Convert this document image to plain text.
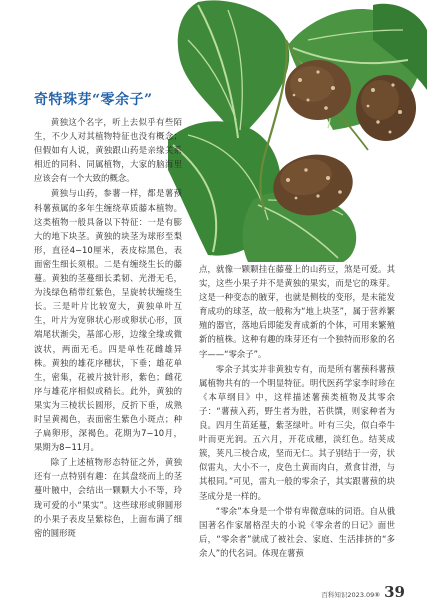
奇特珠芽“零余子”

黄独这个名字，听上去似乎有些陌生，不少人对其植物特征也没有概念；但假如有人说，黄独跟山药是亲缘关系相近的同科、同属植物，大家的脑海里应该会有一个大致的概念。

黄独与山药，参薯一样，都是薯蓣科薯蓣属的多年生缠绕草质藤本植物。这类植物一般具备以下特征：一是有膨大的地下块茎。黄独的块茎为球形至梨形，直径4−10厘米，表皮棕黑色，表面密生细长须根。二是有缠绕生长的藤蔓。黄独的茎蔓细长柔韧、光滑无毛，为浅绿色稍带红紫色，呈旋转状缠绕生长。三是叶片比较宽大，黄独单叶互生，叶片为宽卵状心形或卵状心形，顶端尾状渐尖，基部心形，边缘全缘或微波状，两面无毛。四是单性花雌雄异株。黄独的雄花序穗状，下垂；雄花单生，密集，花被片披针形，紫色；雌花序与雄花序相似或稍长。此外，黄独的果实为三棱状长圆形，反折下垂，成熟时呈黄褐色，表面密生紫色小斑点；种子扁卵形，深褐色。花期为7−10月，果期为8−11月。

除了上述植物形态特征之外，黄独还有一点特别有趣：在其盘绕而上的茎蔓叶腋中，会结出一颗颗大小不等，玲珑可爱的小“果实”。这些球形或卵圆形的小果子表皮呈紫棕色，上面布满了细密的圆形斑

点，就像一颗颗挂在藤蔓上的山药豆，煞是可爱。其实，这些小果子并不是黄独的果实，而是它的珠芽。这是一种变态的腋芽，也就是侧枝的变形，是未能发育成功的球茎，故一般称为“地上块茎”，属于营养繁殖的器官，落地后即能发育成新的个体，可用来繁殖新的植株。这种有趣的珠芽还有一个独特而形象的名字——“零余子”。

零余子其实并非黄独专有，而是所有薯蓣科薯蓣属植物共有的一个明显特征。明代医药学家李时珍在《本草纲目》中，这样描述薯蓣类植物及其零余子：“薯蓣入药，野生者为胜，若供馔，则家种者为良。四月生苗延蔓，紫茎绿叶。叶有三尖，似白牵牛叶而更光润。五六月，开花成穗，淡红色。结荚成簇，荚凡三棱合成，坚而无仁。其子别结于一旁，状似雷丸，大小不一，皮色土黄而肉白，煮食甘滑，与其根同。”可见，雷丸一般的零余子，其实跟薯蓣的块茎成分是一样的。

“零余”本身是一个带有卑微意味的词语。自从俄国著名作家屠格涅夫的小说《零余者的日记》面世后，“零余者”就成了被社会、家庭、生活排挤的“多余人”的代名词。体现在薯蓣

百科知识2023.09⑧ 39
